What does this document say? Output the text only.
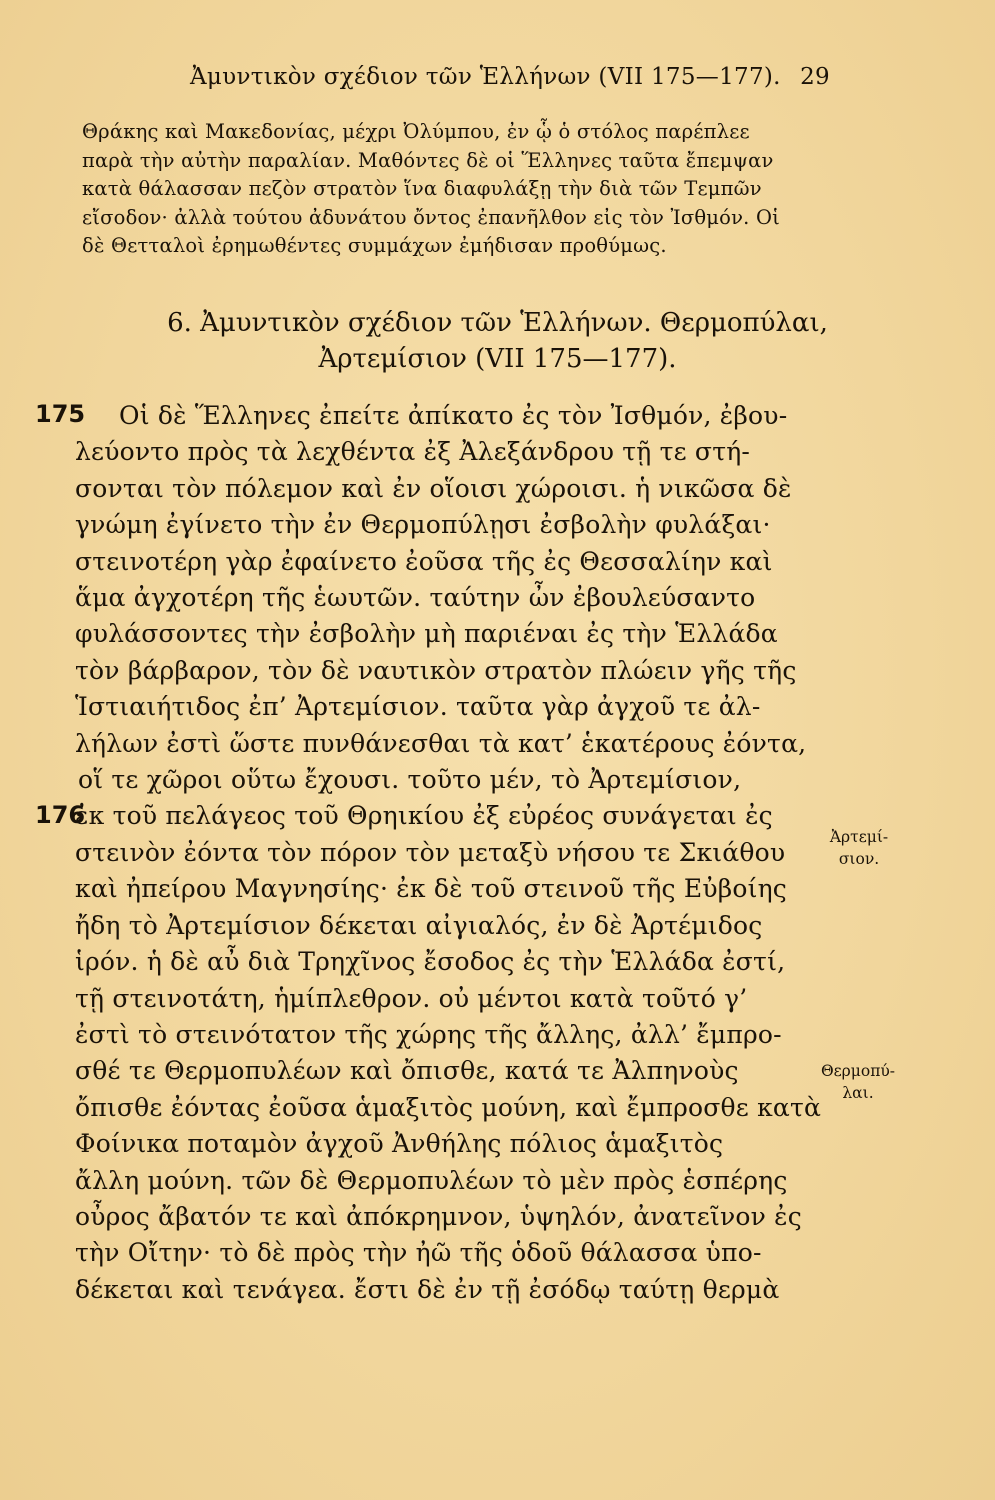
Ἀμυντικὸν σχέδιον τῶν Ἑλλήνων (VII 175—177). 29
Θράκης καὶ Μακεδονίας, μέχρι Ὀλύμπου, ἐν ᾧ ὁ στόλος παρέπλεε
παρὰ τὴν αὐτὴν παραλίαν. Μαθόντες δὲ οἱ Ἕλληνες ταῦτα ἔπεμψαν
κατὰ θάλασσαν πεζὸν στρατὸν ἵνα διαφυλάξῃ τὴν διὰ τῶν Τεμπῶν
εἴσοδον· ἀλλὰ τούτου ἀδυνάτου ὄντος ἐπανῆλθον εἰς τὸν Ἰσθμόν. Οἱ
δὲ Θετταλοὶ ἐρημωθέντες συμμάχων ἐμήδισαν προθύμως.
6. Ἀμυντικὸν σχέδιον τῶν Ἑλλήνων. Θερμοπύλαι,
Ἀρτεμίσιον (VII 175—177).
175
176
Οἱ δὲ Ἕλληνες ἐπείτε ἀπίκατο ἐς τὸν Ἰσθμόν, ἐβου-
λεύοντο πρὸς τὰ λεχθέντα ἐξ Ἀλεξάνδρου τῇ τε στή-
σονται τὸν πόλεμον καὶ ἐν οἵοισι χώροισι. ἡ νικῶσα δὲ
γνώμη ἐγίνετο τὴν ἐν Θερμοπύλῃσι ἐσβολὴν φυλάξαι·
στεινοτέρη γὰρ ἐφαίνετο ἐοῦσα τῆς ἐς Θεσσαλίην καὶ
ἅμα ἀγχοτέρη τῆς ἑωυτῶν. ταύτην ὦν ἐβουλεύσαντο
φυλάσσοντες τὴν ἐσβολὴν μὴ παριέναι ἐς τὴν Ἑλλάδα
τὸν βάρβαρον, τὸν δὲ ναυτικὸν στρατὸν πλώειν γῆς τῆς
Ἱστιαιήτιδος ἐπ’ Ἀρτεμίσιον. ταῦτα γὰρ ἀγχοῦ τε ἀλ-
λήλων ἐστὶ ὥστε πυνθάνεσθαι τὰ κατ’ ἑκατέρους ἐόντα,
οἵ τε χῶροι οὕτω ἔχουσι. τοῦτο μέν, τὸ Ἀρτεμίσιον,
ἐκ τοῦ πελάγεος τοῦ Θρηικίου ἐξ εὐρέος συνάγεται ἐς
στεινὸν ἐόντα τὸν πόρον τὸν μεταξὺ νήσου τε Σκιάθου
καὶ ἠπείρου Μαγνησίης· ἐκ δὲ τοῦ στεινοῦ τῆς Εὐβοίης
ἤδη τὸ Ἀρτεμίσιον δέκεται αἰγιαλός, ἐν δὲ Ἀρτέμιδος
ἱρόν. ἡ δὲ αὖ διὰ Τρηχῖνος ἔσοδος ἐς τὴν Ἑλλάδα ἐστί,
τῇ στεινοτάτη, ἡμίπλεθρον. οὐ μέντοι κατὰ τοῦτό γ’
ἐστὶ τὸ στεινότατον τῆς χώρης τῆς ἄλλης, ἀλλ’ ἔμπρο-
σθέ τε Θερμοπυλέων καὶ ὄπισθε, κατά τε Ἀλπηνοὺς
ὄπισθε ἐόντας ἐοῦσα ἁμαξιτὸς μούνη, καὶ ἔμπροσθε κατὰ
Φοίνικα ποταμὸν ἀγχοῦ Ἀνθήλης πόλιος ἁμαξιτὸς
ἄλλη μούνη. τῶν δὲ Θερμοπυλέων τὸ μὲν πρὸς ἑσπέρης
οὖρος ἄβατόν τε καὶ ἀπόκρημνον, ὑψηλόν, ἀνατεῖνον ἐς
τὴν Οἴτην· τὸ δὲ πρὸς τὴν ἠῶ τῆς ὁδοῦ θάλασσα ὑπο-
δέκεται καὶ τενάγεα. ἔστι δὲ ἐν τῇ ἐσόδῳ ταύτῃ θερμὰ
Ἀρτεμί-
σιον.
Θερμοπύ-
λαι.
